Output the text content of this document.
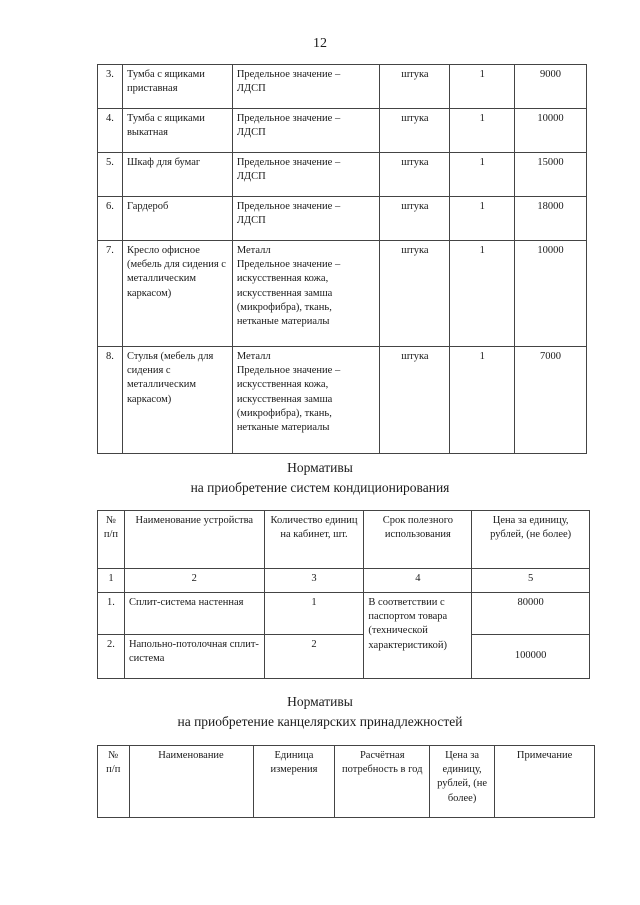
12
3.	Тумба с ящиками приставная	Предельное значение –
ЛДСП	штука	1	9000
4.	Тумба с ящиками выкатная	Предельное значение –
ЛДСП	штука	1	10000
5.	Шкаф для бумаг	Предельное значение –
ЛДСП	штука	1	15000
6.	Гардероб	Предельное значение –
ЛДСП	штука	1	18000
7.	Кресло офисное (мебель для сидения с металлическим каркасом)	Металл
Предельное значение – искусственная кожа, искусственная замша (микрофибра), ткань, нетканые материалы	штука	1	10000
8.	Стулья (мебель для сидения с металлическим каркасом)	Металл
Предельное значение – искусственная кожа, искусственная замша (микрофибра), ткань, нетканые материалы	штука	1	7000
Нормативы
на приобретение систем кондиционирования
№
п/п	Наименование устройства	Количество единиц на кабинет, шт.	Срок полезного использования	Цена за единицу, рублей, (не более)
1	2	3	4	5
1.	Сплит-система настенная	1	В соответствии с паспортом товара (технической характеристикой)	80000
2.	Напольно-потолочная сплит-система	2		100000
Нормативы
на приобретение канцелярских принадлежностей
№
п/п	Наименование	Единица измерения	Расчётная потребность в год	Цена за единицу, рублей, (не более)	Примечание
